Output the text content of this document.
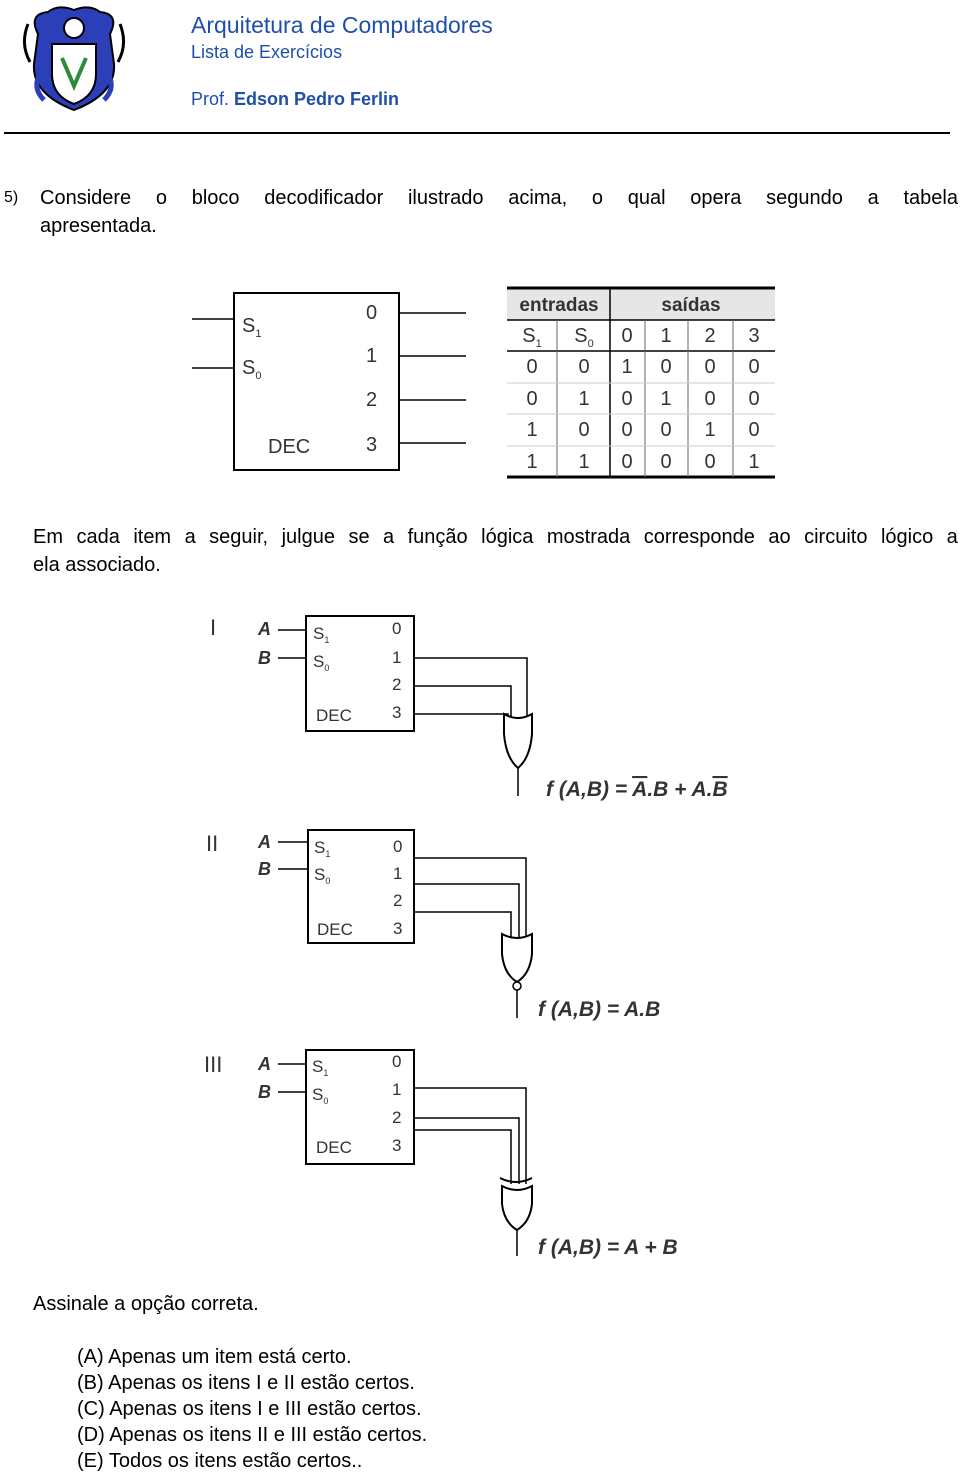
Arquitetura de Computadores
Lista de Exercícios
Prof. Edson Pedro Ferlin
5) Considere o bloco decodificador ilustrado acima, o qual opera segundo a tabela
apresentada.
$S_1$
$S_0$
0
1
2
3
DEC
entradas	saídas
$S_1$ $S_0$ 0 1 2 3
0 0 1 0 0 0
0 1 0 1 0 0
1 0 0 0 1 0
1 1 0 0 0 1
Em cada item a seguir, julgue se a função lógica mostrada corresponde ao circuito lógico a
ela associado.
I A
B
$S_1$
$S_0$
0
1
2
3
DEC
f (A,B) = A.B + A.B
II A
B
$S_1$
$S_0$
0
1
2
3
DEC
f (A,B) = A.B
III A
B
$S_1$
$S_0$
0
1
2
3
DEC
f (A,B) = A + B
Assinale a opção correta.
(A) Apenas um item está certo.
(B) Apenas os itens I e II estão certos.
(C) Apenas os itens I e III estão certos.
(D) Apenas os itens II e III estão certos.
(E) Todos os itens estão certos..
